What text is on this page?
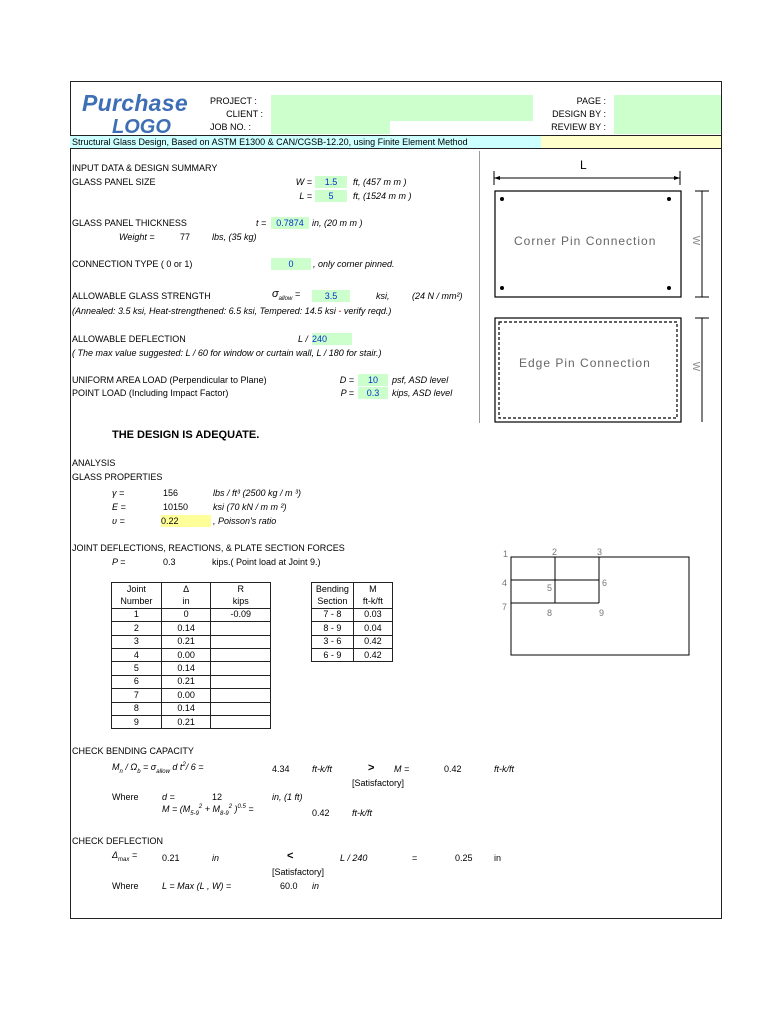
Purchase
LOGO
PROJECT :
CLIENT :
JOB NO. :
PAGE :
DESIGN BY :
REVIEW BY :
Structural Glass Design, Based on ASTM E1300 & CAN/CGSB-12.20, using Finite Element Method
INPUT DATA & DESIGN SUMMARY
GLASS PANEL SIZE	W =	1.5	ft, (457 m m )
L =	5	ft, (1524 m m )
GLASS PANEL THICKNESS	t =	0.7874 in, (20 m m )
Weight =	77 lbs, (35 kg)
CONNECTION TYPE ( 0 or 1)	0	, only corner pinned.
ALLOWABLE GLASS STRENGTH	$\sigma_{allow}$ =	3.5	ksi,	(24 N / mm²)
(Annealed: 3.5 ksi, Heat-strengthened: 6.5 ksi, Tempered: 14.5 ksi - verify reqd.)
ALLOWABLE DEFLECTION	L / 240
( The max value suggested: L / 60 for window or curtain wall, L / 180 for stair.)
UNIFORM AREA LOAD (Perpendicular to Plane)	D =	10	psf, ASD level
POINT LOAD (Including Impact Factor)	P =	0.3	kips, ASD level
L
Corner Pin Connection
Edge Pin Connection
W
W
THE DESIGN IS ADEQUATE.
ANALYSIS
GLASS PROPERTIES
γ =	156	lbs / ft³ (2500 kg / m ³)
E =	10150	ksi (70 kN / m m ²)
υ =	0.22	, Poisson's ratio
JOINT DEFLECTIONS, REACTIONS, & PLATE SECTION FORCES
P =	0.3	kips.( Point load at Joint 9.)
Joint	Δ	R
Number	in	kips
1	0	-0.09
2	0.14	
3	0.21	
4	0.00	
5	0.14	
6	0.21	
7	0.00	
8	0.14	
9	0.21	
Bending	M
Section	ft-k/ft
7 - 8	0.03
8 - 9	0.04
3 - 6	0.42
6 - 9	0.42
1	2	3
4	5	6
7
8	9
CHECK BENDING CAPACITY
$M_n / \Omega_b = \sigma_{allow}$ d $t^2/$ 6 =	4.34 ft-k/ft	> M =	0.42	ft-k/ft
[Satisfactory]
Where	d =	12	in, (1 ft)
$M = (M_{5-9}^2 + M_{8-9}^2$ )$^{0.5}$ =	0.42 ft-k/ft
CHECK DEFLECTION
$\Delta_{max}$ =	0.21	in	<	L / 240	=	0.25 in
[Satisfactory]
Where	L = Max (L , W) =	60.0 in
